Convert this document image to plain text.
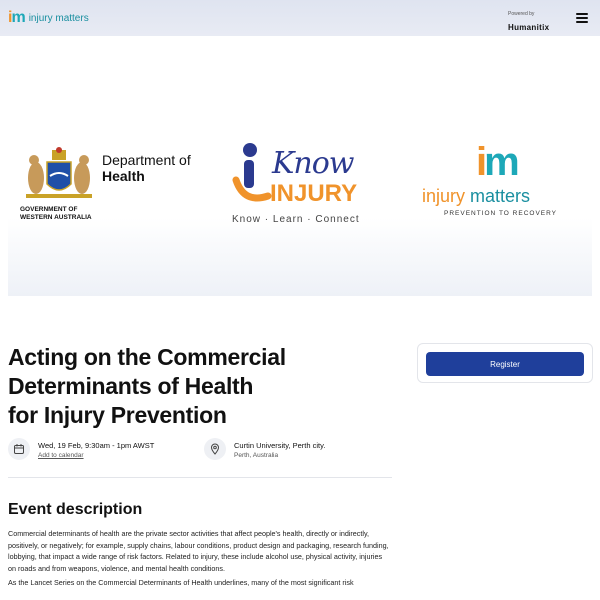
im injury matters	Powered by
Humanitix
Department of
Health
GOVERNMENT OF
WESTERN AUSTRALIA
Know
INJURY
Know · Learn · Connect
im
injury matters
PREVENTION TO RECOVERY
Acting on the Commercial
Determinants of Health
for Injury Prevention
Register
Wed, 19 Feb, 9:30am - 1pm AWST
Add to calendar
Curtin University, Perth city.
Perth, Australia
Event description

Commercial determinants of health are the private sector activities that affect people's health, directly or indirectly, positively, or negatively; for example, supply chains, labour conditions, product design and packaging, research funding, lobbying, that impact a wide range of risk factors. Related to injury, these include alcohol use, physical activity, injuries on roads and from weapons, violence, and mental health conditions.

As the Lancet Series on the Commercial Determinants of Health underlines, many of the most significant risk
